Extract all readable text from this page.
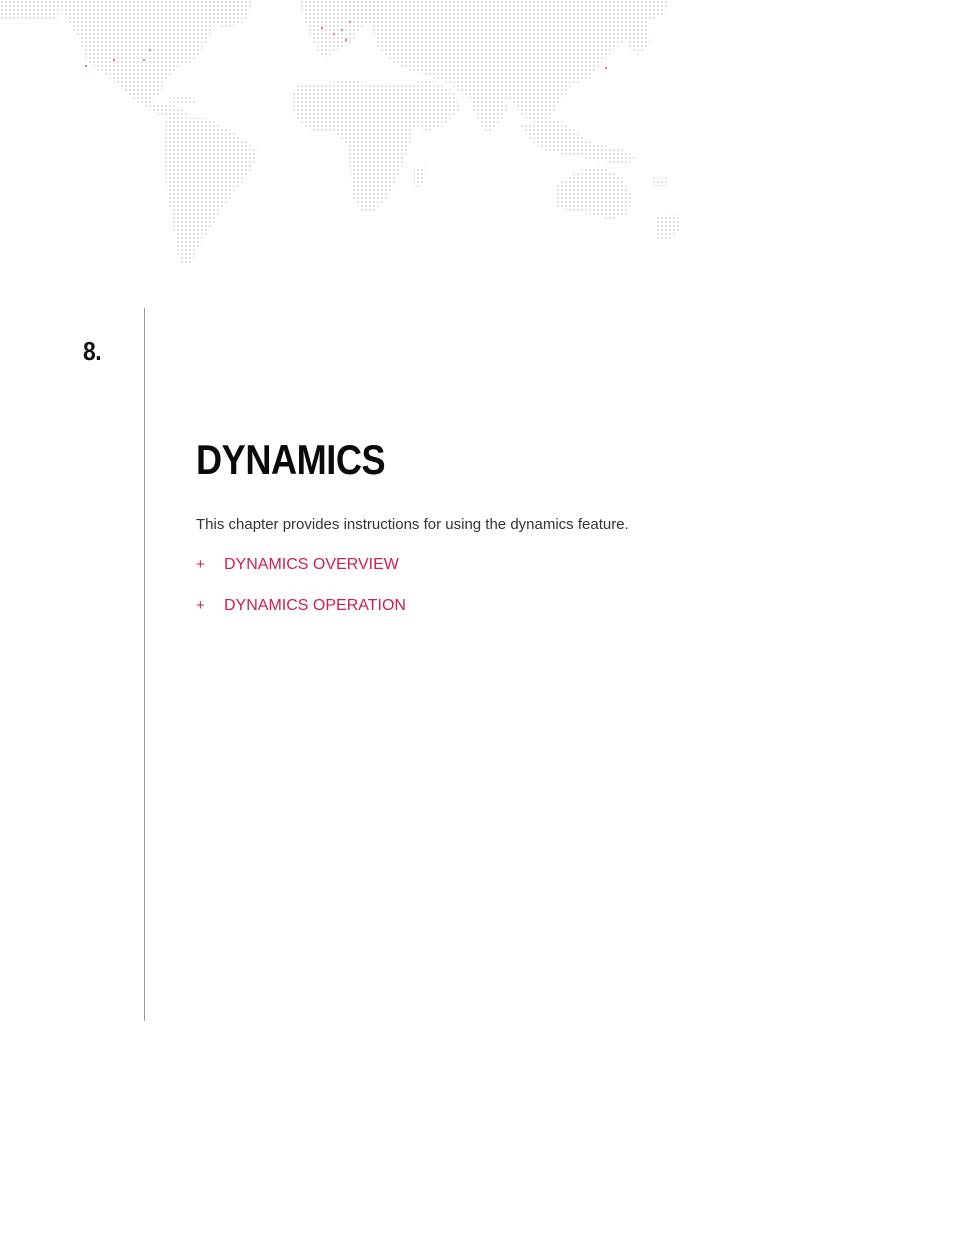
8.
DYNAMICS
This chapter provides instructions for using the dynamics feature.
+	DYNAMICS OVERVIEW
+	DYNAMICS OPERATION
